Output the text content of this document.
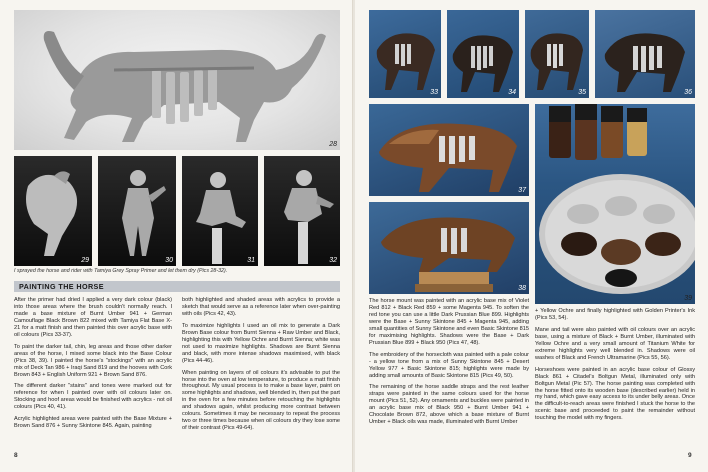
28
29	30	31	32
I sprayed the horse and rider with Tamiya Grey Spray Primer and let them dry (Pics 28-32).
PAINTING THE HORSE

After the primer had dried I applied a very dark colour (black) into those areas where the brush couldn't normally reach. I made a base mixture of Burnt Umber 941 + German Camouflage Black Brown 822 mixed with Tamiya Flat Base X-21 for a matt finish and then painted this over acrylic base with oil colours (Pics 33-37).

To paint the darker tail, chin, leg areas and those other darker areas of the horse, I mixed some black into the Base Colour (Pics 38, 39). I painted the horse's "stockings" with an acrylic mix of Deck Tan 986 + Iraqi Sand 819 and the hooves with Cork Brown 843 + English Uniform 921 + Brown Sand 876.

The different darker "stains" and tones were marked out for reference for when I painted over with oil colours later on. Stocking and hoof areas would be finished with acrylics - not oil colours (Pics 40, 41).

Acrylic highlighted areas were painted with the Base Mixture + Brown Sand 876 + Sunny Skintone 845. Again, painting

both highlighted and shaded areas with acrylics to provide a sketch that would serve as a reference later when over-painting with oils (Pics 42, 43).

To maximize highlights I used an oil mix to generate a Dark Brown Base colour from Burnt Sienna + Raw Umber and Black, highlighting this with Yellow Ochre and Burnt Sienna; white was not used to maximize highlights. Shadows are Burnt Sienna and black, with more intense shadows maximised, with black (Pics 44-46).

When painting on layers of oil colours it's advisable to put the horse into the oven at low temperature, to produce a matt finish throughout. My usual process is to make a base layer, paint on some highlights and shadows, well blended in, then put the part in the oven for a few minutes before retouching the highlights and shadows again, whilst producing more contrast between colours. Sometimes it may be necessary to repeat the process two or three times because when oil colours dry they lose some of their contrast (Pics 49-64).

8
33	34	35	36
37
38
39

The horse mount was painted with an acrylic base mix of Violet Red 812 + Black Red 859 + some Magenta 945. To soften the red tone you can use a little Dark Prussian Blue 899. Highlights were the Base + Sunny Skintone 845 + Magenta 945, adding small quantities of Sunny Skintone and even Basic Skintone 815 for maximising highlights. Shadows were the Base + Dark Prussian Blue 899 + Black 950 (Pics 47, 48).

The embroidery of the horsecloth was painted with a pale colour - a yellow tone from a mix of Sunny Skintone 845 + Desert Yellow 977 + Basic Skintone 815; highlights were made by adding small amounts of Basic Skintone 815 (Pics 49, 50).

The remaining of the horse saddle straps and the rest leather straps were painted in the same colours used for the horse mount (Pics 51, 52). Any ornaments and buckles were painted in an acrylic base mix of Black 950 + Burnt Umber 941 + Chocolate Brown 872, above which a base mixture of Burnt Umber + Black oils was made, illuminated with Burnt Umber

+ Yellow Ochre and finally highlighted with Golden Printer's Ink (Pics 53, 54).

Mane and tail were also painted with oil colours over an acrylic base, using a mixture of Black + Burnt Umber, illuminated with Yellow Ochre and a very small amount of Titanium White for extreme highlights very well blended in. Shadows were oil washes of Black and French Ultramarine (Pics 55, 56).

Horseshoes were painted in an acrylic base colour of Glossy Black 861 + Citadel's Boltgun Metal, illuminated only with Boltgun Metal (Pic 57). The horse painting was completed with the horse fitted onto its wooden base (described earlier) held in my hand, which gave easy access to its under belly areas. Once the difficult-to-reach areas were finished I stuck the horse to the scenic base and proceeded to paint the remainder without touching the model with my fingers.

9
